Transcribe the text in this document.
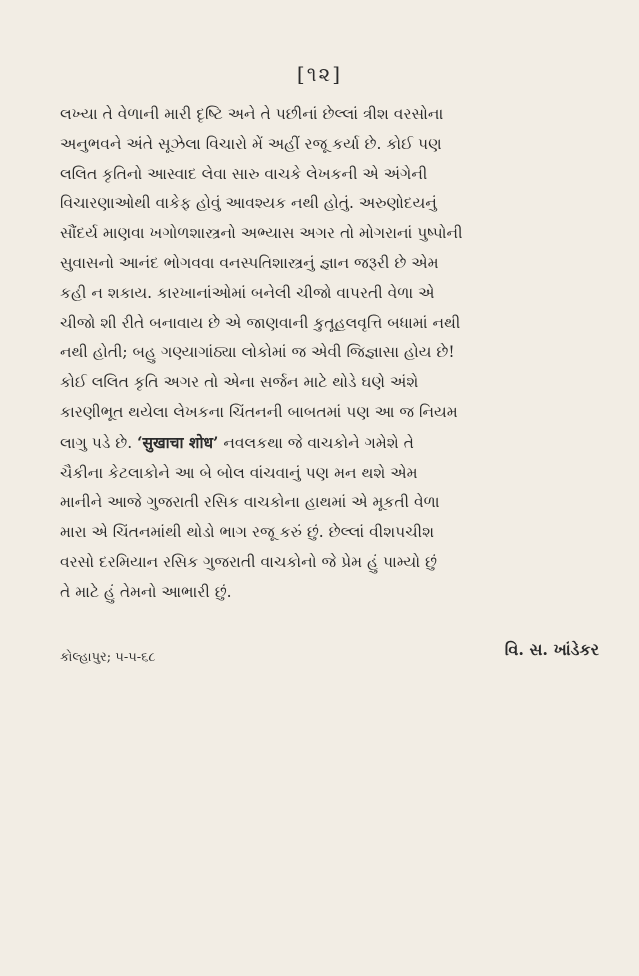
[૧૨]
લખ્યા તે વેળાની મારી દૃષ્ટિ અને તે પછીનાં છેલ્લાં ત્રીશ વરસોના
અનુભવને અંતે સૂઝેલા વિચારો મેં અહીં રજૂ કર્યા છે. કોઈ પણ
લલિત કૃતિનો આસ્વાદ લેવા સારુ વાચકે લેખકની એ અંગેની
વિચારણાઓથી વાકેફ હોવું આવશ્યક નથી હોતું. અરુણોદયનું
સૌંદર્ય માણવા ખગોળશાસ્ત્રનો અભ્યાસ અગર તો મોગરાનાં પુષ્પોની
સુવાસનો આનંદ ભોગવવા વનસ્પતિશાસ્ત્રનું જ્ઞાન જરૂરી છે એમ
કહી ન શકાય. કારખાનાંઓમાં બનેલી ચીજો વાપરતી વેળા એ
ચીજો શી રીતે બનાવાય છે એ જાણવાની કુતૂહલવૃત્તિ બધામાં નથી
નથી હોતી; બહુ ગણ્યાગાંઠ્યા લોકોમાં જ એવી જિજ્ઞાસા હોય છે!
કોઈ લલિત કૃતિ અગર તો એના સર્જન માટે થોડે ઘણે અંશે
કારણીભૂત થયેલા લેખકના ચિંતનની બાબતમાં પણ આ જ નિયમ
લાગુ પડે છે. ‘सुखाचा शोध’ નવલકથા જે વાચકોને ગમેશે તે
ચૈકીના કેટલાકોને આ બે બોલ વાંચવાનું પણ મન થશે એમ
માનીને આજે ગુજરાતી રસિક વાચકોના હાથમાં એ મૂકતી વેળા
મારા એ ચિંતનમાંથી થોડો ભાગ રજૂ કરું છું. છેલ્લાં વીશપચીશ
વરસો દરમિયાન રસિક ગુજરાતી વાચકોનો જે પ્રેમ હું પામ્યો છું
તે માટે હું તેમનો આભારી છું.
વિ. સ. ખાંડેકર
કોલ્હાપુર; ૫-૫-૬૮
